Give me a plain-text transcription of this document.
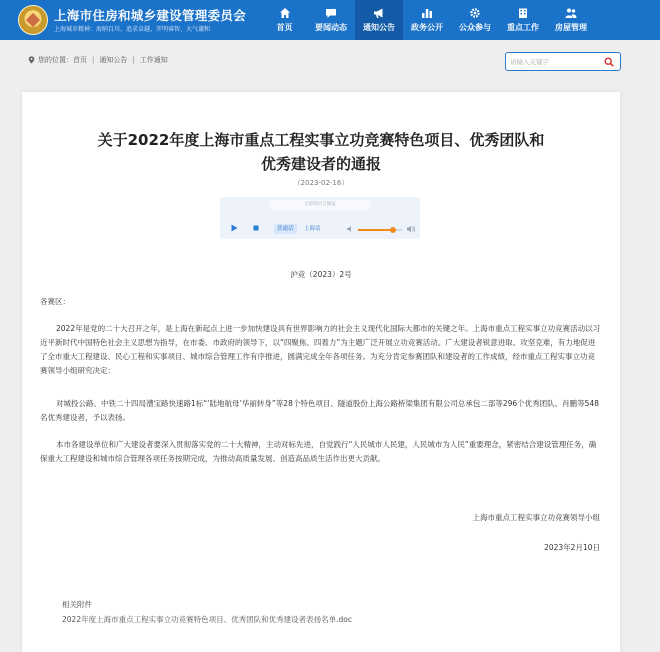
上海市住房和城乡建设管理委员会
上海城市精神：海纳百川、追求卓越、开明睿智、大气谦和	首页	要闻动态 通知公告 政务公开 公众参与 重点工作 房屋管理
您的位置： 首页 | 通知公告 | 工作通知
请输入关键字
关于2022年度上海市重点工程实事立功竞赛特色项目、优秀团队和优秀建设者的通报
（2023-02-16）
无障碍语音播报
普通话	上海话
沪竞（2023）2号
各赛区：
2022年是党的二十大召开之年，是上海在新起点上进一步加快建设具有世界影响力的社会主义现代化国际大都市的关键之年。上海市重点工程实事立功竞赛活动以习近平新时代中国特色社会主义思想为指导，在市委、市政府的领导下，以“四聚焦、四着力”为主题广泛开展立功竞赛活动。广大建设者锐意进取、攻坚克难，有力地促进了全市重大工程建设、民心工程和实事项目、城市综合管理工作有序推进，圆满完成全年各项任务。为充分肯定参赛团队和建设者的工作成绩，经市重点工程实事立功竞赛领导小组研究决定：
对城投公路、中铁二十四局漕宝路快速路1标“‘陆地航母’华丽转身”等28个特色项目、隧道股份上海公路桥梁集团有限公司总承包二部等296个优秀团队、肖鹏等548名优秀建设者，予以表扬。
本市各建设单位和广大建设者要深入贯彻落实党的二十大精神，主动对标先进，自觉践行“人民城市人民建，人民城市为人民”重要理念，紧密结合建设管理任务，确保重大工程建设和城市综合管理各项任务按期完成，为推动高质量发展、创造高品质生活作出更大贡献。
上海市重点工程实事立功竞赛领导小组
2023年2月10日
相关附件
2022年度上海市重点工程实事立功竞赛特色项目、优秀团队和优秀建设者表扬名单.doc
